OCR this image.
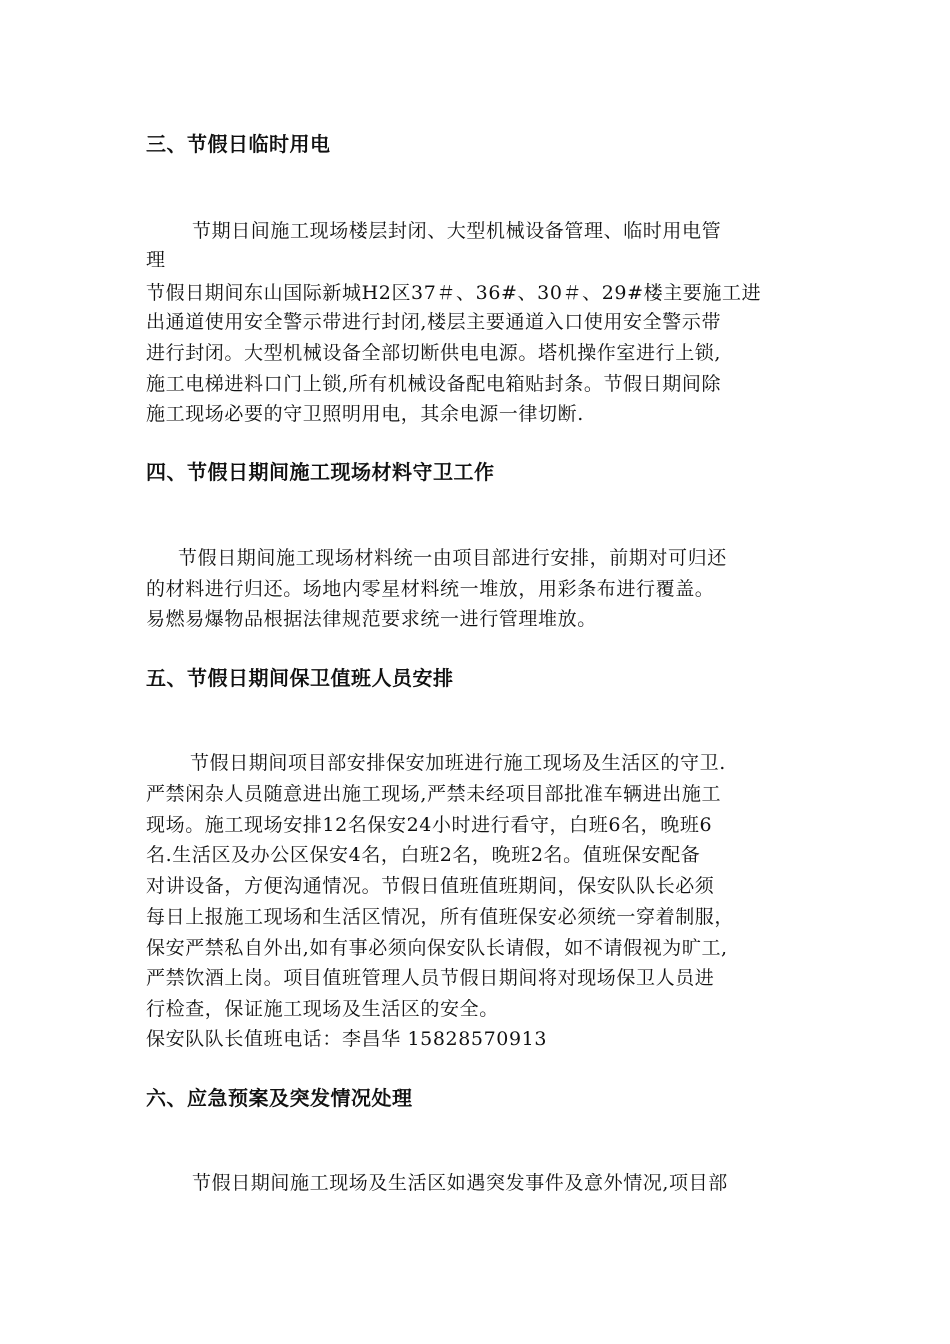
三、节假日临时用电
节期日间施工现场楼层封闭、大型机械设备管理、临时用电管
理
节假日期间东山国际新城H2区37＃、36#、30＃、29#楼主要施工进
出通道使用安全警示带进行封闭,楼层主要通道入口使用安全警示带
进行封闭。大型机械设备全部切断供电电源。塔机操作室进行上锁,
施工电梯进料口门上锁,所有机械设备配电箱贴封条。节假日期间除
施工现场必要的守卫照明用电，其余电源一律切断.
四、节假日期间施工现场材料守卫工作
节假日期间施工现场材料统一由项目部进行安排，前期对可归还
的材料进行归还。场地内零星材料统一堆放，用彩条布进行覆盖。
易燃易爆物品根据法律规范要求统一进行管理堆放。
五、节假日期间保卫值班人员安排
节假日期间项目部安排保安加班进行施工现场及生活区的守卫.
严禁闲杂人员随意进出施工现场,严禁未经项目部批准车辆进出施工
现场。施工现场安排12名保安24小时进行看守，白班6名，晚班6
名.生活区及办公区保安4名，白班2名，晚班2名。值班保安配备
对讲设备，方便沟通情况。节假日值班值班期间，保安队队长必须
每日上报施工现场和生活区情况，所有值班保安必须统一穿着制服，
保安严禁私自外出,如有事必须向保安队长请假，如不请假视为旷工,
严禁饮酒上岗。项目值班管理人员节假日期间将对现场保卫人员进
行检查，保证施工现场及生活区的安全。
保安队队长值班电话：李昌华 15828570913
六、应急预案及突发情况处理
节假日期间施工现场及生活区如遇突发事件及意外情况,项目部
